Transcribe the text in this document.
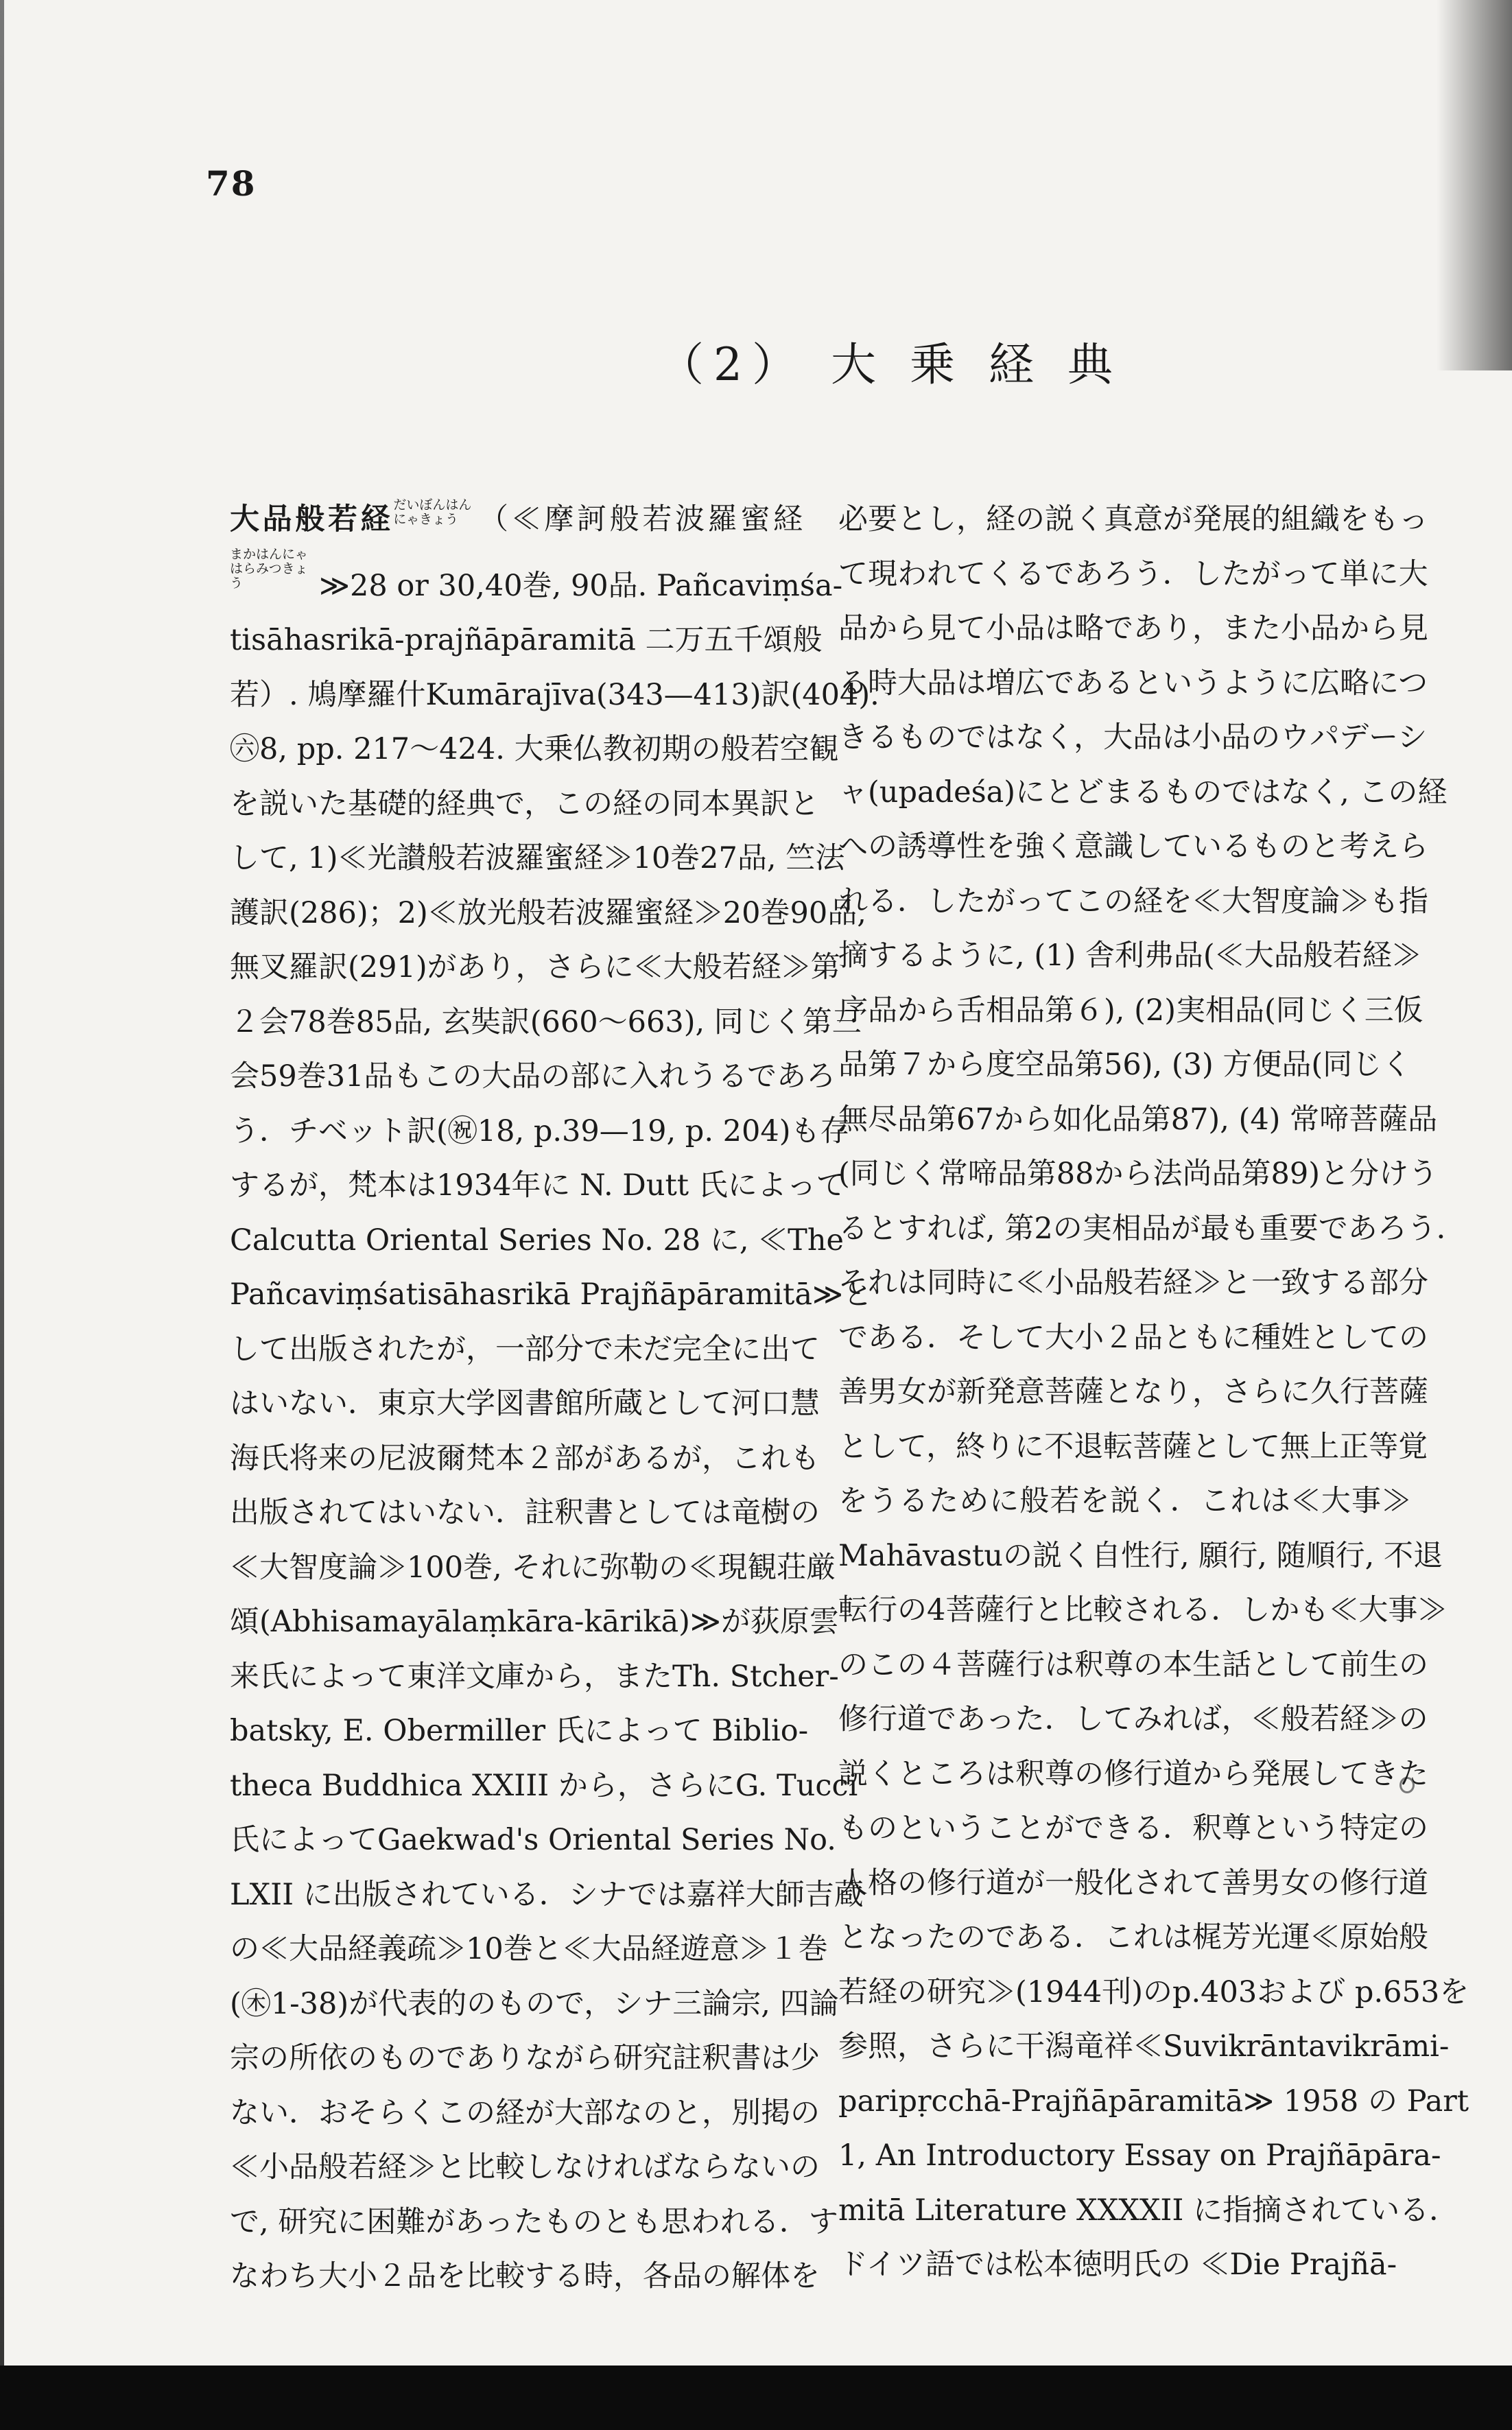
78
（2） 大 乗 経 典
大品般若経だいぼんはん にゃきょう （≪摩訶般若波羅蜜経
まかはんにゃ はらみつきょう	≫28 or 30,40巻, 90品. Pañcaviṃśa-
tisāhasrikā-prajñāpāramitā 二万五千頌般
若）. 鳩摩羅什Kumārajīva(343—413)訳(404).
㊅8, pp. 217～424. 大乗仏教初期の般若空観
を説いた基礎的経典で，この経の同本異訳と
して, 1)≪光讃般若波羅蜜経≫10巻27品, 竺法
護訳(286)；2)≪放光般若波羅蜜経≫20巻90品,
無叉羅訳(291)があり，さらに≪大般若経≫第
２会78巻85品, 玄奘訳(660～663), 同じく第三
会59巻31品もこの大品の部に入れうるであろ
う．チベット訳(㊗18, p.39—19, p. 204)も存
するが，梵本は1934年に N. Dutt 氏によって
Calcutta Oriental Series No. 28 に, ≪The
Pañcaviṃśatisāhasrikā Prajñāpāramitā≫と
して出版されたが，一部分で未だ完全に出て
はいない．東京大学図書館所蔵として河口慧
海氏将来の尼波爾梵本２部があるが，これも
出版されてはいない．註釈書としては竜樹の
≪大智度論≫100巻, それに弥勒の≪現観荘厳
頌(Abhisamayālaṃkāra-kārikā)≫が荻原雲
来氏によって東洋文庫から，またTh. Stcher-
batsky, E. Obermiller 氏によって Biblio-
theca Buddhica XXIII から，さらにG. Tucci
氏によってGaekwad's Oriental Series No.
LXII に出版されている．シナでは嘉祥大師吉蔵
の≪大品経義疏≫10巻と≪大品経遊意≫１巻
(㊍1-38)が代表的のもので，シナ三論宗, 四論
宗の所依のものでありながら研究註釈書は少
ない．おそらくこの経が大部なのと，別掲の
≪小品般若経≫と比較しなければならないの
で, 研究に困難があったものとも思われる．す
なわち大小２品を比較する時，各品の解体を
必要とし，経の説く真意が発展的組織をもっ
て現われてくるであろう．したがって単に大
品から見て小品は略であり，また小品から見
る時大品は増広であるというように広略につ
きるものではなく，大品は小品のウパデーシ
ャ(upadeśa)にとどまるものではなく, この経
への誘導性を強く意識しているものと考えら
れる．したがってこの経を≪大智度論≫も指
摘するように, (1) 舎利弗品(≪大品般若経≫
序品から舌相品第６), (2)実相品(同じく三仮
品第７から度空品第56), (3) 方便品(同じく
無尽品第67から如化品第87), (4) 常啼菩薩品
(同じく常啼品第88から法尚品第89)と分けう
るとすれば, 第2の実相品が最も重要であろう．
それは同時に≪小品般若経≫と一致する部分
である．そして大小２品ともに種姓としての
善男女が新発意菩薩となり，さらに久行菩薩
として，終りに不退転菩薩として無上正等覚
をうるために般若を説く．これは≪大事≫
Mahāvastuの説く自性行, 願行, 随順行, 不退
転行の4菩薩行と比較される．しかも≪大事≫
のこの４菩薩行は釈尊の本生話として前生の
修行道であった．してみれば，≪般若経≫の
説くところは釈尊の修行道から発展してきた
ものということができる．釈尊という特定の
人格の修行道が一般化されて善男女の修行道
となったのである．これは梶芳光運≪原始般
若経の研究≫(1944刊)のp.403および p.653を
参照，さらに干潟竜祥≪Suvikrāntavikrāmi-
paripṛcchā-Prajñāpāramitā≫ 1958 の Part
1, An Introductory Essay on Prajñāpāra-
mitā Literature XXXXII に指摘されている．
ドイツ語では松本徳明氏の ≪Die Prajñā-
